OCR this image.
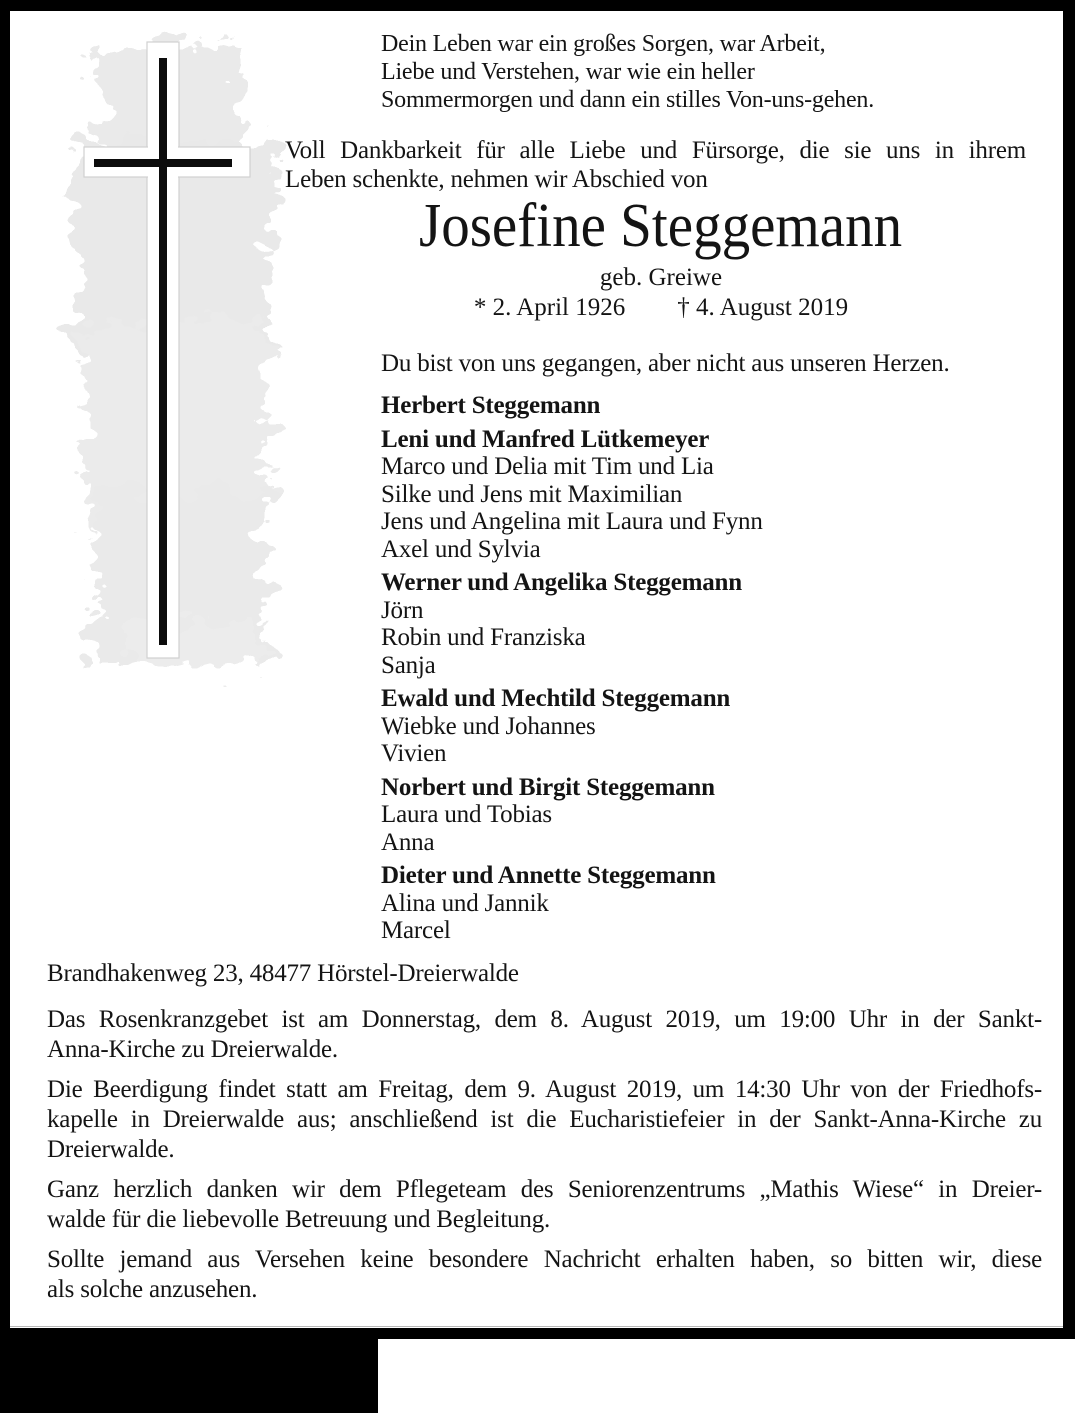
Dein Leben war ein großes Sorgen, war Arbeit,
Liebe und Verstehen, war wie ein heller
Sommermorgen und dann ein stilles Von-uns-gehen.
Voll Dankbarkeit für alle Liebe und Fürsorge, die sie uns in ihrem
Leben schenkte, nehmen wir Abschied von
Josefine Steggemann
geb. Greiwe
* 2. April 1926 † 4. August 2019
Du bist von uns gegangen, aber nicht aus unseren Herzen.
Herbert Steggemann
Leni und Manfred Lütkemeyer
Marco und Delia mit Tim und Lia
Silke und Jens mit Maximilian
Jens und Angelina mit Laura und Fynn
Axel und Sylvia
Werner und Angelika Steggemann
Jörn
Robin und Franziska
Sanja
Ewald und Mechtild Steggemann
Wiebke und Johannes
Vivien
Norbert und Birgit Steggemann
Laura und Tobias
Anna
Dieter und Annette Steggemann
Alina und Jannik
Marcel
Brandhakenweg 23, 48477 Hörstel-Dreierwalde
Das Rosenkranzgebet ist am Donnerstag, dem 8. August 2019, um 19:00 Uhr in der Sankt-
Anna-Kirche zu Dreierwalde.
Die Beerdigung findet statt am Freitag, dem 9. August 2019, um 14:30 Uhr von der Friedhofs-
kapelle in Dreierwalde aus; anschließend ist die Eucharistiefeier in der Sankt-Anna-Kirche zu
Dreierwalde.
Ganz herzlich danken wir dem Pflegeteam des Seniorenzentrums „Mathis Wiese“ in Dreier-
walde für die liebevolle Betreuung und Begleitung.
Sollte jemand aus Versehen keine besondere Nachricht erhalten haben, so bitten wir, diese
als solche anzusehen.
